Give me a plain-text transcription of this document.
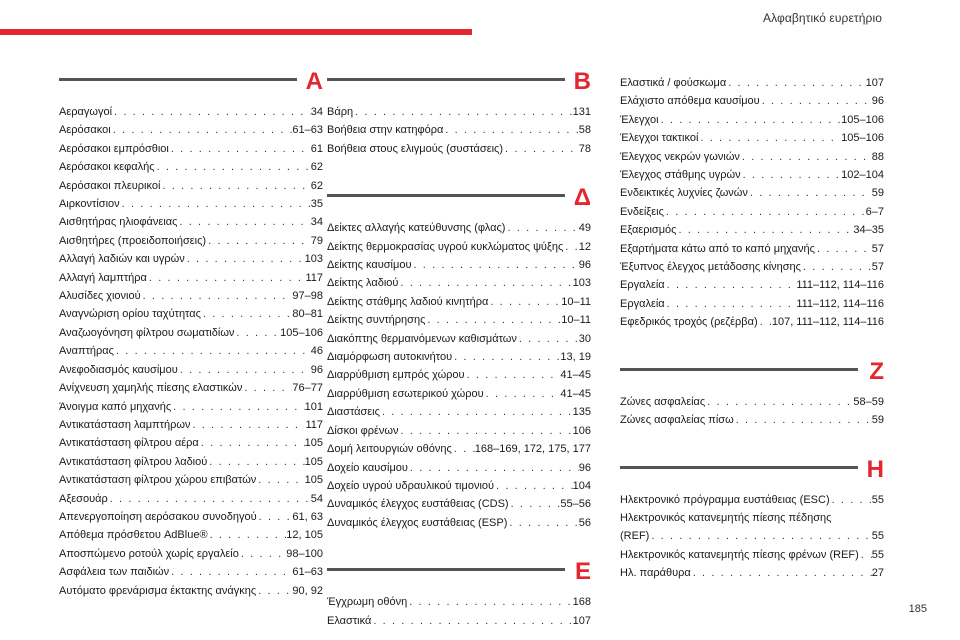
Αλφαβητικό ευρετήριο
185
Α
Αεραγωγοί . . .	34
Αερόσακοι . . .	61–63
Αερόσακοι εμπρόσθιοι . . .	61
Αερόσακοι κεφαλής . . .	62
Αερόσακοι πλευρικοί . . .	62
Αιρκοντίσιον . . .	35
Αισθητήρας ηλιοφάνειας . . .	34
Αισθητήρες (προειδοποιήσεις) . . .	79
Αλλαγή λαδιών και υγρών . . .	103
Αλλαγή λαμπτήρα . . .	117
Αλυσίδες χιονιού . . .	97–98
Αναγνώριση ορίου ταχύτητας . . .	80–81
Αναζωογόνηση φίλτρου σωματιδίων . . .	105–106
Αναπτήρας . . .	46
Ανεφοδιασμός καυσίμου . . .	96
Ανίχνευση χαμηλής πίεσης ελαστικών . . .	76–77
Άνοιγμα καπό μηχανής . . .	101
Αντικατάσταση λαμπτήρων . . .	117
Αντικατάσταση φίλτρου αέρα . . .	105
Αντικατάσταση φίλτρου λαδιού . . .	105
Αντικατάσταση φίλτρου χώρου επιβατών . . .	105
Αξεσουάρ . . .	54
Απενεργοποίηση αερόσακου συνοδηγού . . .	61, 63
Απόθεμα πρόσθετου AdBlue® . . .	12, 105
Αποσπώμενο ροτούλ χωρίς εργαλείο . . .	98–100
Ασφάλεια των παιδιών . . .	61–63
Αυτόματο φρενάρισμα έκτακτης ανάγκης . . .	90, 92
Β
Βάρη . . .	131
Βοήθεια στην κατηφόρα . . .	58
Βοήθεια στους ελιγμούς (συστάσεις) . . .	78
Δ
Δείκτες αλλαγής κατεύθυνσης (φλας) . . .	49
Δείκτης θερμοκρασίας υγρού κυκλώματος ψύξης . . . 12
Δείκτης καυσίμου . . .	96
Δείκτης λαδιού . . .	103
Δείκτης στάθμης λαδιού κινητήρα . . .	10–11
Δείκτης συντήρησης . . .	10–11
Διακόπτης θερμαινόμενων καθισμάτων . . .	30
Διαμόρφωση αυτοκινήτου . . .	13, 19
Διαρρύθμιση εμπρός χώρου . . .	41–45
Διαρρύθμιση εσωτερικού χώρου . . .	41–45
Διαστάσεις . . .	135
Δίσκοι φρένων . . .	106
Δομή λειτουργιών οθόνης . . . 168–169, 172, 175, 177
Δοχείο καυσίμου . . .	96
Δοχείο υγρού υδραυλικού τιμονιού . . .	104
Δυναμικός έλεγχος ευστάθειας (CDS) . . .	55–56
Δυναμικός έλεγχος ευστάθειας (ESP) . . .	56
Ε
Έγχρωμη οθόνη . . .	168
Ελαστικά . . .	107
Ελαστικά / φούσκωμα . . .	107
Ελάχιστο απόθεμα καυσίμου . . .	96
Έλεγχοι . . .	105–106
Έλεγχοι τακτικοί . . .	105–106
Έλεγχος νεκρών γωνιών . . .	88
Έλεγχος στάθμης υγρών . . .	102–104
Ενδεικτικές λυχνίες ζωνών . . .	59
Ενδείξεις . . .	6–7
Εξαερισμός . . .	34–35
Εξαρτήματα κάτω από το καπό μηχανής . . .	57
Έξυπνος έλεγχος μετάδοσης κίνησης . . .	57
Εργαλεία . . .	111–112, 114–116
Εργαλεία . . .	111–112, 114–116
Εφεδρικός τροχός (ρεζέρβα) . . . 107, 111–112, 114–116
Ζ
Ζώνες ασφαλείας . . .	58–59
Ζώνες ασφαλείας πίσω . . .	59
Η
Ηλεκτρονικό πρόγραμμα ευστάθειας (ESC) . . .	55
Ηλεκτρονικός κατανεμητής πίεσης πέδησης
(REF) . . .	55
Ηλεκτρονικός κατανεμητής πίεσης φρένων (REF) . . . 55
Ηλ. παράθυρα . . .	27
